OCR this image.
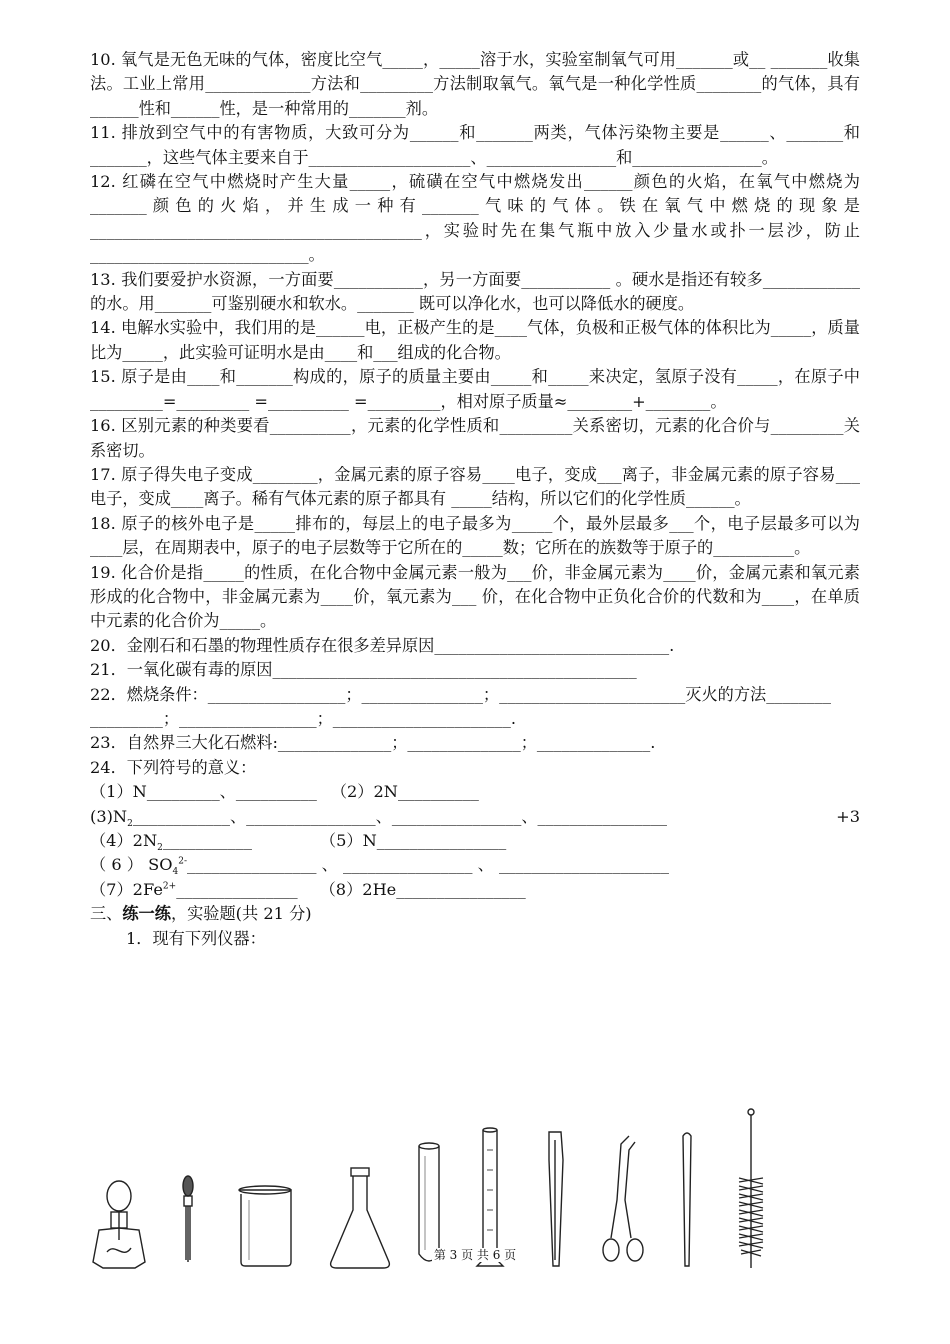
10. 氧气是无色无味的气体，密度比空气_____，_____溶于水，实验室制氧气可用_______或__ _______收集法。工业上常用_____________方法和_________方法制取氧气。氧气是一种化学性质________的气体，具有______性和______性，是一种常用的_______剂。

11. 排放到空气中的有害物质，大致可分为______和_______两类，气体污染物主要是______、_______和_______，这些气体主要来自于____________________、________________和________________。

12. 红磷在空气中燃烧时产生大量_____，硫磺在空气中燃烧发出______颜色的火焰，在氧气中燃烧为_______颜色的火焰，并生成一种有_______气味的气体。铁在氧气中燃烧的现象是_________________________________________，实验时先在集气瓶中放入少量水或扑一层沙，防止___________________________。

13. 我们要爱护水资源，一方面要___________，另一方面要___________ 。硬水是指还有较多____________的水。用_______可鉴别硬水和软水。_______ 既可以净化水，也可以降低水的硬度。

14. 电解水实验中，我们用的是______电，正极产生的是____气体，负极和正极气体的体积比为_____，质量比为_____，此实验可证明水是由____和___组成的化合物。

15. 原子是由____和_______构成的，原子的质量主要由_____和_____来决定，氢原子没有_____，在原子中_________=_________ =__________ =_________，相对原子质量≈________+________。

16. 区别元素的种类要看__________，元素的化学性质和_________关系密切，元素的化合价与_________关系密切。

17. 原子得失电子变成________，金属元素的原子容易____电子，变成___离子，非金属元素的原子容易___电子，变成____离子。稀有气体元素的原子都具有 _____结构，所以它们的化学性质______。

18. 原子的核外电子是_____排布的，每层上的电子最多为_____个，最外层最多___个，电子层最多可以为____层，在周期表中，原子的电子层数等于它所在的_____数；它所在的族数等于原子的__________。

19. 化合价是指_____的性质，在化合物中金属元素一般为___价，非金属元素为____价，金属元素和氧元素形成的化合物中，非金属元素为____价，氧元素为___ 价，在化合物中正负化合价的代数和为____，在单质中元素的化合价为_____。

20．金刚石和石墨的物理性质存在很多差异原因_____________________________.

21．一氧化碳有毒的原因_____________________________________________

22．燃烧条件：_________________；_______________；_______________________灭火的方法________

_________；_________________；______________________.

23．自然界三大化石燃料:______________；______________；______________.

24．下列符号的意义：

（1）N_________、__________ （2）2N__________

$(3)N_2\_\_\_\_\_\_\_\_\_\_\_\_$、________________、________________、________________	+3

$(4)2N_2\_\_\_\_\_\_\_\_\_\_\_$	（5）N________________

（ 6 ） $SO_4^{2-}\_\_\_\_\_\_\_\_\_\_\_\_\_\_\_\_$ 、 ________________ 、 _____________________

$(7)2Fe^{2+}\_\_\_\_\_\_\_\_\_\_\_\_\_\_\_$ （8）2He________________

三、练一练，实验题(共 21 分)

1．现有下列仪器：

第 3 页 共 6 页
